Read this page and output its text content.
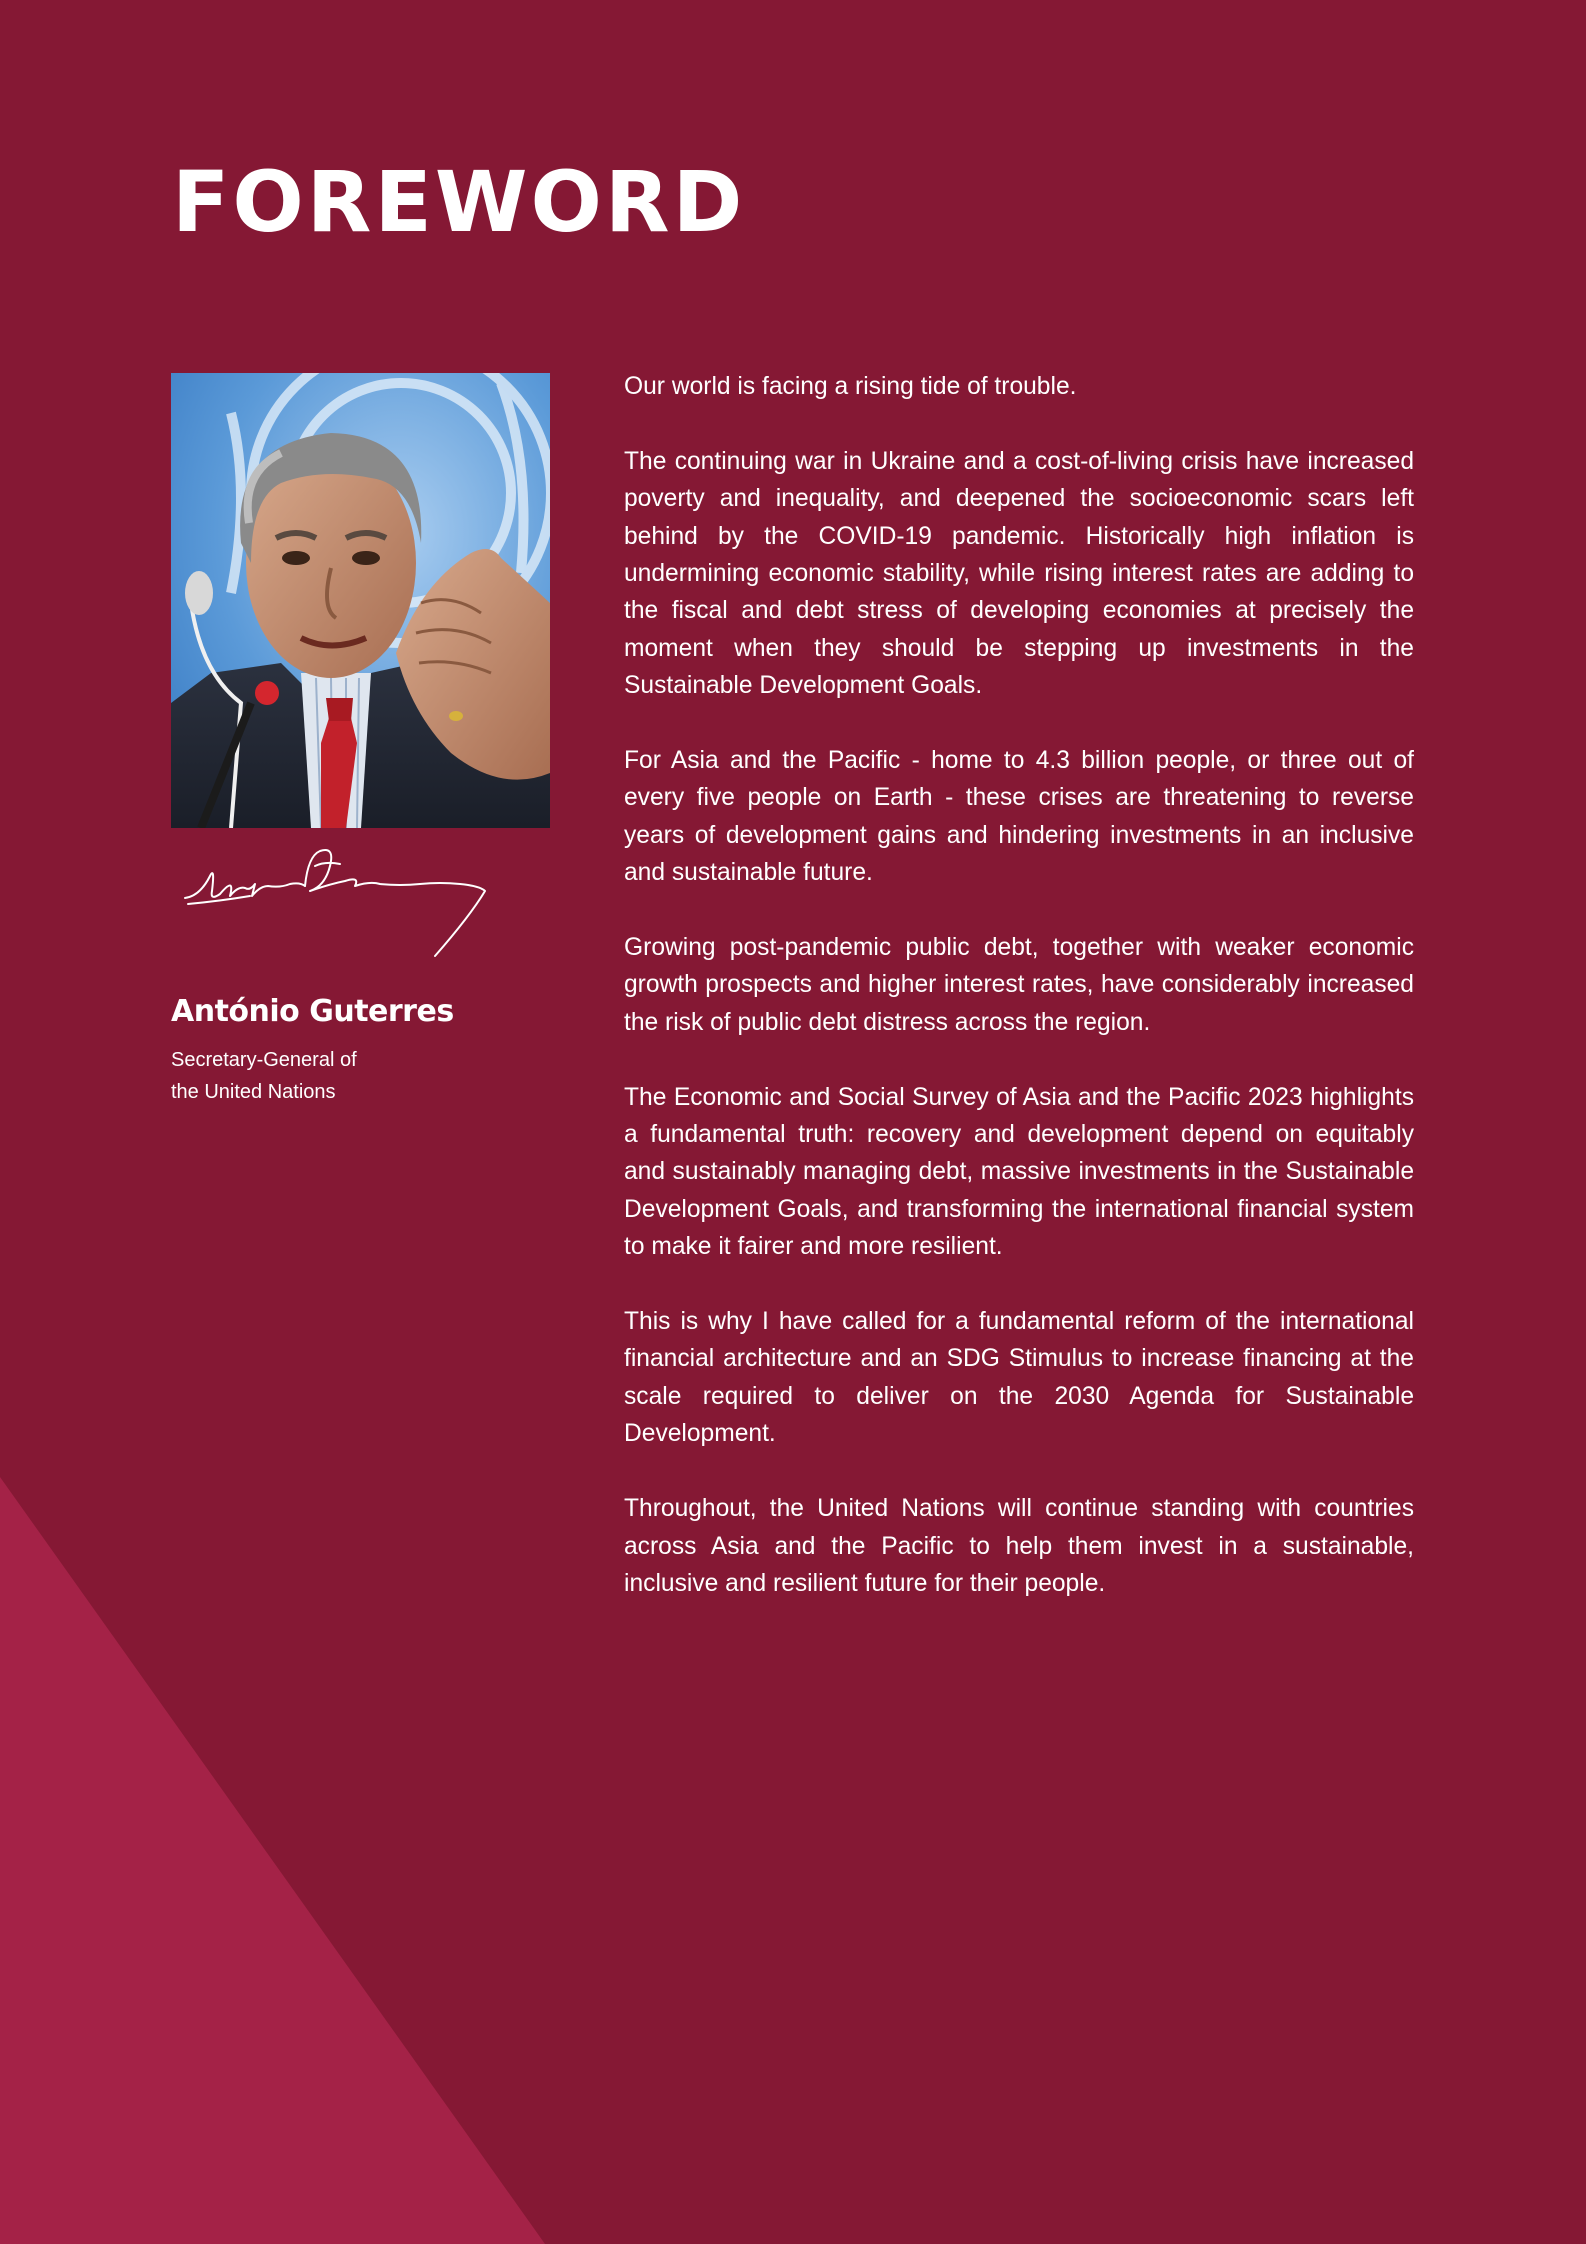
FOREWORD
António Guterres
Secretary-General of
the United Nations

Our world is facing a rising tide of trouble.

The continuing war in Ukraine and a cost-of-living crisis have increased poverty and inequality, and deepened the socioeconomic scars left behind by the COVID-19 pandemic. Historically high inflation is undermining economic stability, while rising interest rates are adding to the fiscal and debt stress of developing economies at precisely the moment when they should be stepping up investments in the Sustainable Development Goals.

For Asia and the Pacific - home to 4.3 billion people, or three out of every five people on Earth - these crises are threatening to reverse years of development gains and hindering investments in an inclusive and sustainable future.

Growing post-pandemic public debt, together with weaker economic growth prospects and higher interest rates, have considerably increased the risk of public debt distress across the region.

The Economic and Social Survey of Asia and the Pacific 2023 highlights a fundamental truth: recovery and development depend on equitably and sustainably managing debt, massive investments in the Sustainable Development Goals, and transforming the international financial system to make it fairer and more resilient.

This is why I have called for a fundamental reform of the international financial architecture and an SDG Stimulus to increase financing at the scale required to deliver on the 2030 Agenda for Sustainable Development.

Throughout, the United Nations will continue standing with countries across Asia and the Pacific to help them invest in a sustainable, inclusive and resilient future for their people.
